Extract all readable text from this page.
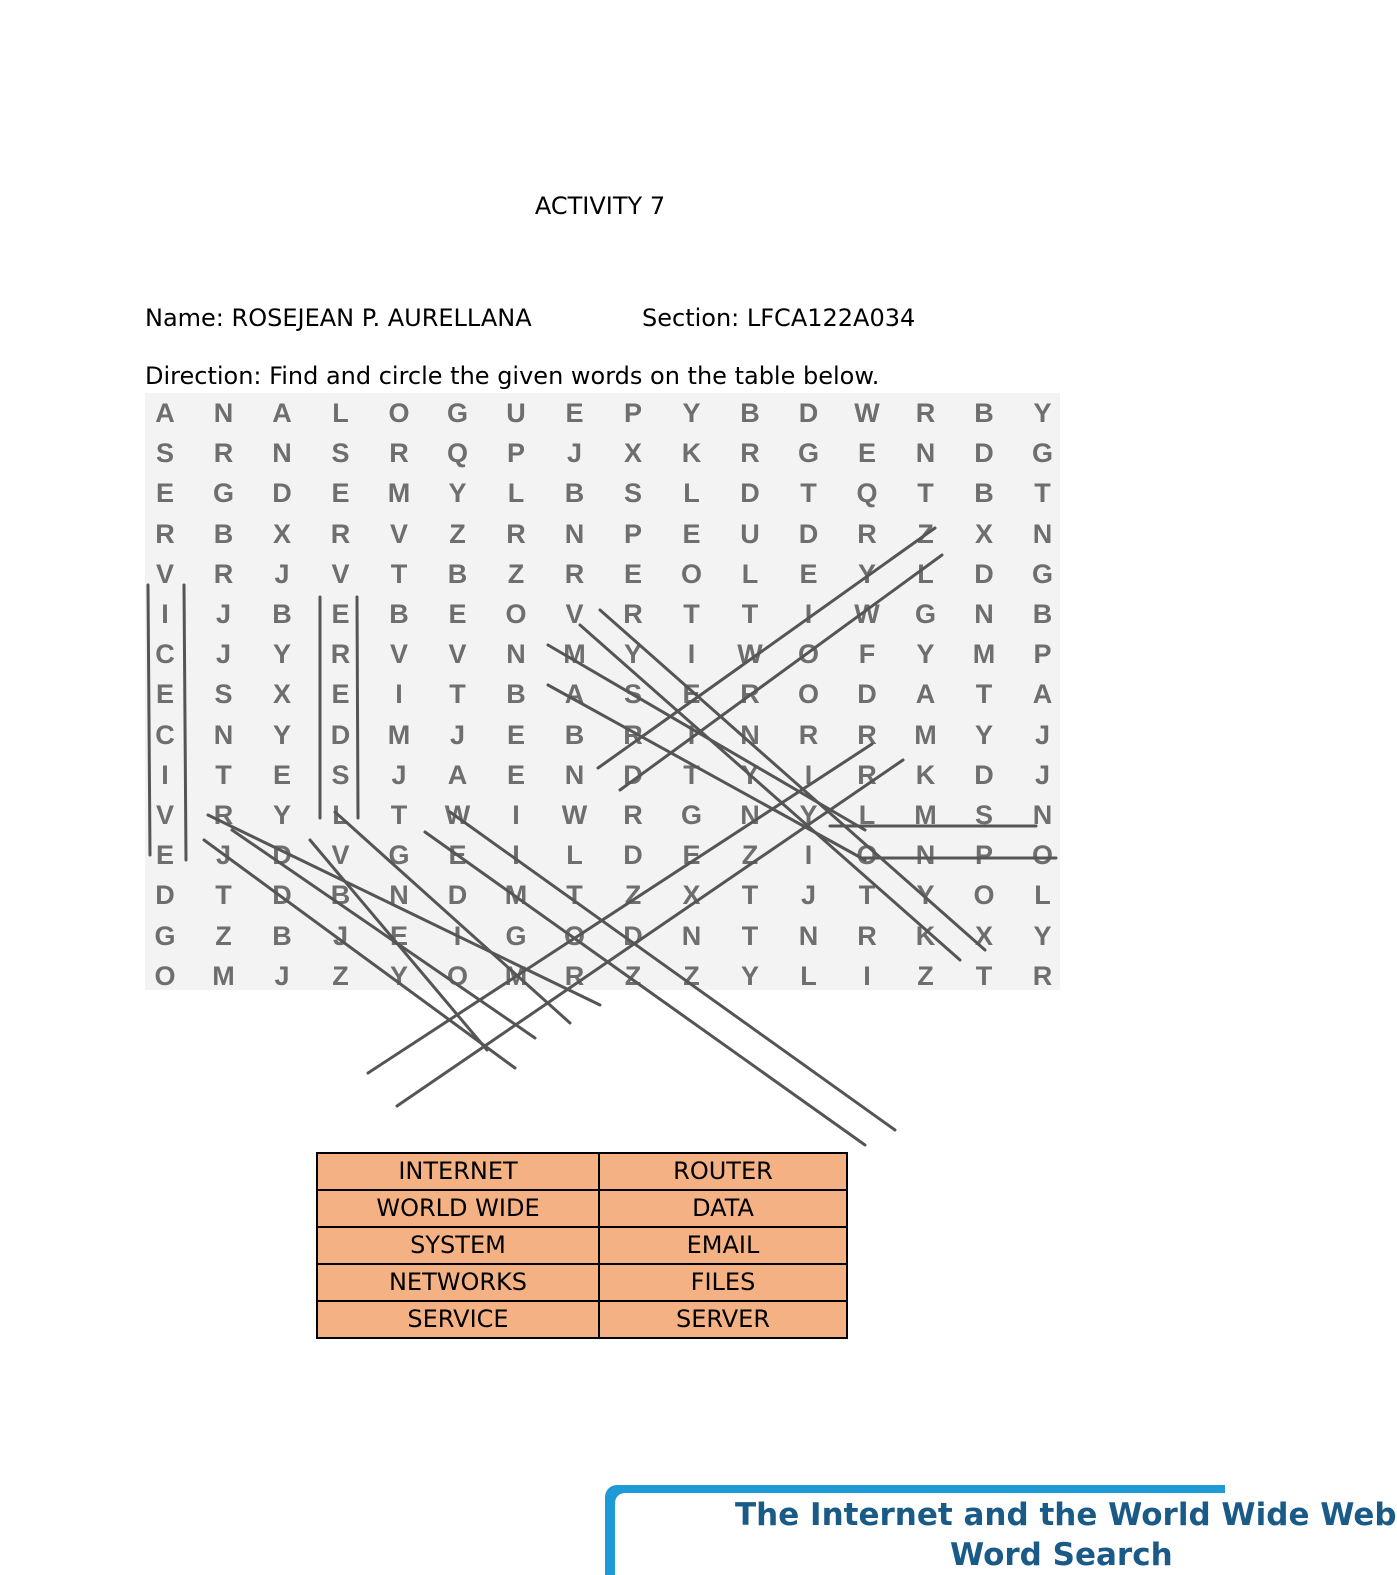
ACTIVITY 7
Name: ROSEJEAN P. AURELLANA	Section: LFCA122A034
Direction: Find and circle the given words on the table below.
A	N	A	L	O	G	U	E	P	Y	B	D	W	R	B	Y
S	R	N	S	R	Q	P	J	X	K	R	G	E	N	D	G
E	G	D	E	M	Y	L	B	S	L	D	T	Q	T	B	T
R	B	X	R	V	Z	R	N	P	E	U	D	R	Z	X	N
V	R	J	V	T	B	Z	R	E	O	L	E	Y	L	D	G
I	J	B	E	B	E	O	V	R	T	T	I	W	G	N	B
C	J	Y	R	V	V	N	M	Y	I	W	O	F	Y	M	P
E	S	X	E	I	T	B	A	S	E	R	O	D	A	T	A
C	N	Y	D	M	J	E	B	R	I	N	R	R	M	Y	J
I	T	E	S	J	A	E	N	D	T	Y	I	R	K	D	J
V	R	Y	L	T	W	I	W	R	G	N	Y	L	M	S	N
E	J	D	V	G	E	I	L	D	E	Z	I	O	N	P	O
D	T	D	B	N	D	M	T	Z	X	T	J	T	Y	O	L
G	Z	B	J	E	I	G	O	D	N	T	N	R	K	X	Y
O	M	J	Z	Y	O	M	R	Z	Z	Y	L	I	Z	T	R
INTERNET	ROUTER
WORLD WIDE	DATA
SYSTEM	EMAIL
NETWORKS	FILES
SERVICE	SERVER
The Internet and the World Wide Web
Word Search
